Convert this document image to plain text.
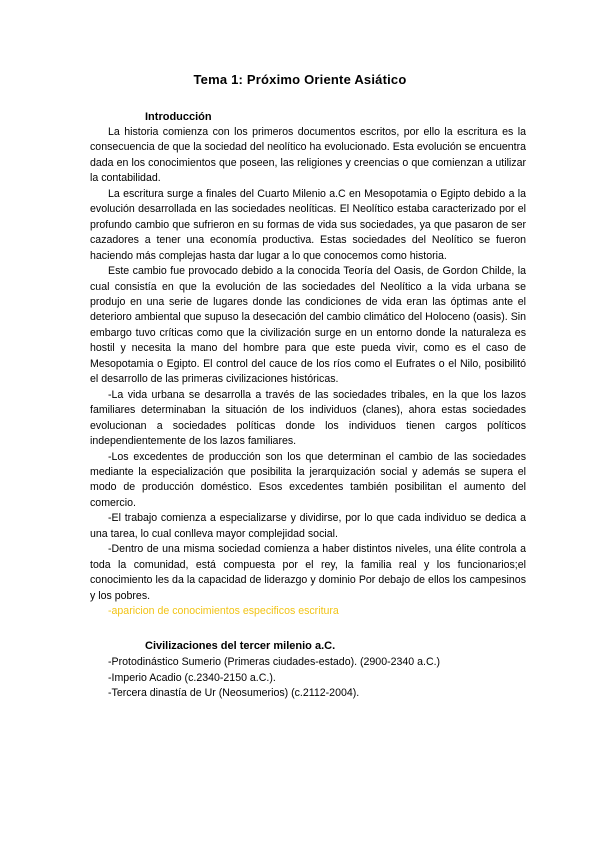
Tema 1: Próximo Oriente Asiático
Introducción

La historia comienza con los primeros documentos escritos, por ello la escritura es la consecuencia de que la sociedad del neolítico ha evolucionado. Esta evolución se encuentra dada en los conocimientos que poseen, las religiones y creencias o que comienzan a utilizar la contabilidad.

La escritura surge a finales del Cuarto Milenio a.C en Mesopotamia o Egipto debido a la evolución desarrollada en las sociedades neolíticas. El Neolítico estaba caracterizado por el profundo cambio que sufrieron en su formas de vida sus sociedades, ya que pasaron de ser cazadores a tener una economía productiva. Estas sociedades del Neolítico se fueron haciendo más complejas hasta dar lugar a lo que conocemos como historia.

Este cambio fue provocado debido a la conocida Teoría del Oasis, de Gordon Childe, la cual consistía en que la evolución de las sociedades del Neolítico a la vida urbana se produjo en una serie de lugares donde las condiciones de vida eran las óptimas ante el deterioro ambiental que supuso la desecación del cambio climático del Holoceno (oasis). Sin embargo tuvo críticas como que la civilización surge en un entorno donde la naturaleza es hostil y necesita la mano del hombre para que este pueda vivir, como es el caso de Mesopotamia o Egipto. El control del cauce de los ríos como el Eufrates o el Nilo, posibilitó el desarrollo de las primeras civilizaciones históricas.

-La vida urbana se desarrolla a través de las sociedades tribales, en la que los lazos familiares determinaban la situación de los individuos (clanes), ahora estas sociedades evolucionan a sociedades políticas donde los individuos tienen cargos políticos independientemente de los lazos familiares.

-Los excedentes de producción son los que determinan el cambio de las sociedades mediante la especialización que posibilita la jerarquización social y además se supera el modo de producción doméstico. Esos excedentes también posibilitan el aumento del comercio.

-El trabajo comienza a especializarse y dividirse, por lo que cada individuo se dedica a una tarea, lo cual conlleva mayor complejidad social.

-Dentro de una misma sociedad comienza a haber distintos niveles, una élite controla a toda la comunidad, está compuesta por el rey, la familia real y los funcionarios;el conocimiento les da la capacidad de liderazgo y dominio Por debajo de ellos los campesinos y los pobres.

-aparicion de conocimientos especificos escritura

Civilizaciones del tercer milenio a.C.
-Protodinástico Sumerio (Primeras ciudades-estado). (2900-2340 a.C.)
-Imperio Acadio (c.2340-2150 a.C.).
-Tercera dinastía de Ur (Neosumerios) (c.2112-2004).
